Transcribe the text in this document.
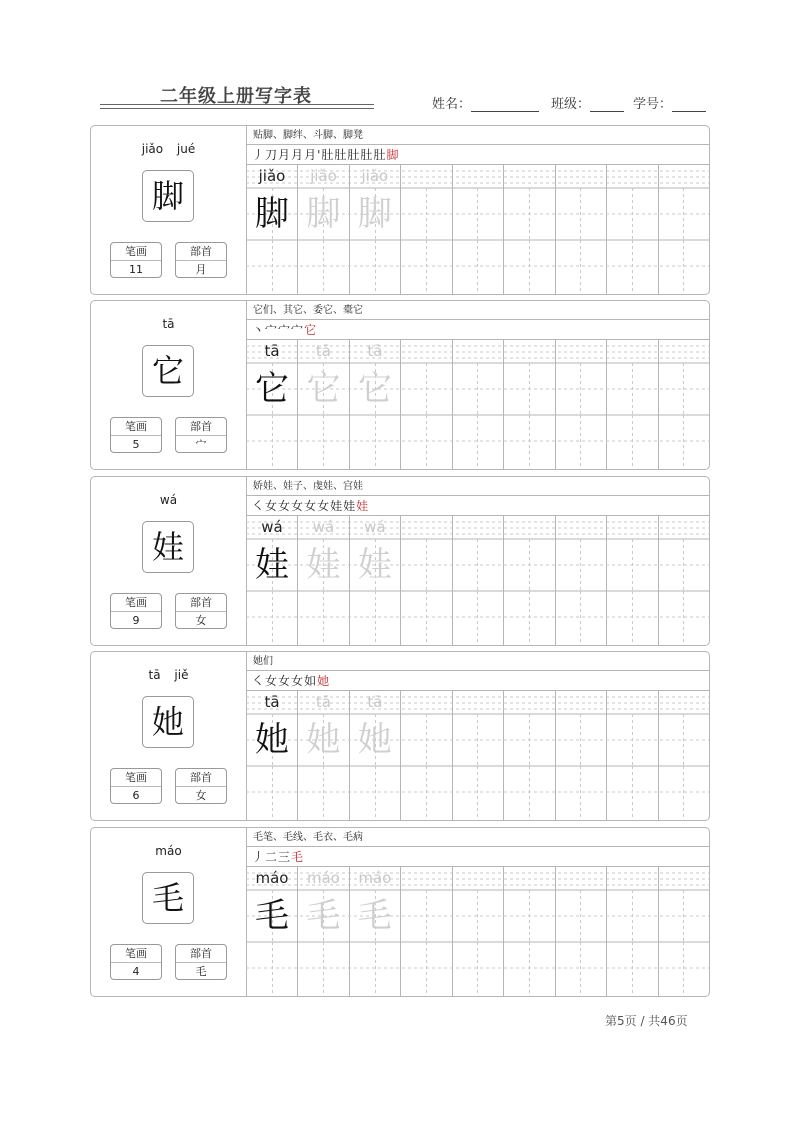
二年级上册写字表	姓名：	班级：	学号：
jiǎo jué
脚
笔画
11
部首
月
贴脚、脚绊、斗脚、脚凳
丿刀月月月'肚肚肚肚肚脚
jiǎo
脚
jiǎo
脚
jiǎo
脚
tā
它
笔画
5
部首
宀
它们、其它、委它、橐它
丶宀宀宀它
tā
它
tā
它
tā
它
wá
娃
笔画
9
部首
女
娇娃、娃子、虔娃、宫娃
㇛女女女女女娃娃娃
wá
娃
wá
娃
wá
娃
tā jiě
她
笔画
6
部首
女
她们
㇛女女女如她
tā
她
tā
她
tā
她
máo
毛
笔画
4
部首
毛
毛笔、毛线、毛衣、毛病
丿二三毛
máo
毛
máo
毛
máo
毛
第5页 / 共46页
